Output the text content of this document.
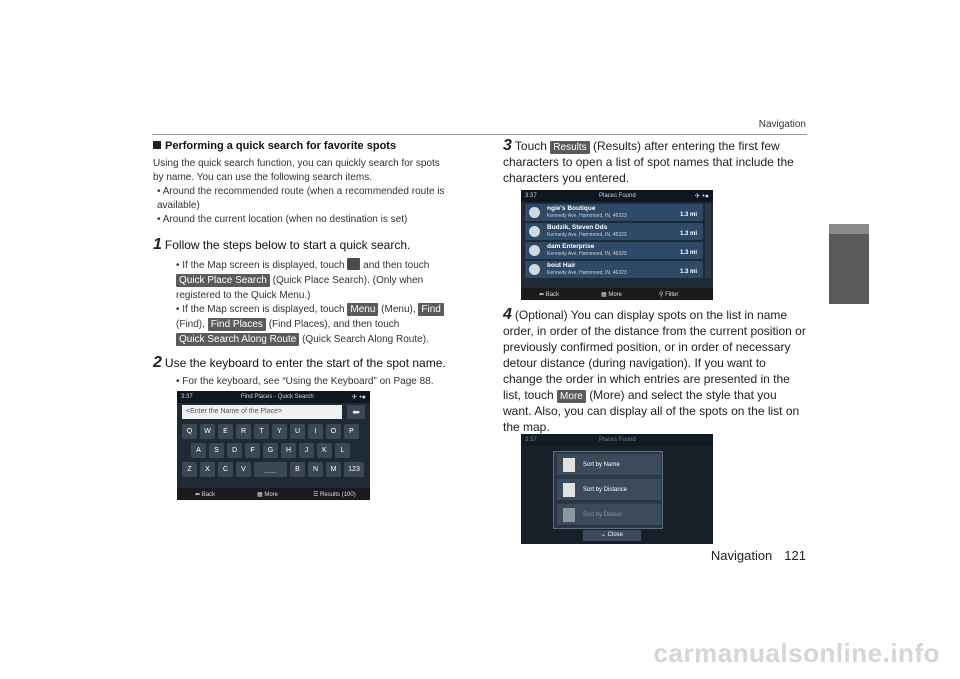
Navigation
Performing a quick search for favorite spots
Using the quick search function, you can quickly search for spots by name. You can use the following search items.
• Around the recommended route (when a recommended route is available)
• Around the current location (when no destination is set)
1 Follow the steps below to start a quick search.
• If the Map screen is displayed, touch and then touch
Quick Place Search (Quick Place Search). (Only when registered to the Quick Menu.)
• If the Map screen is displayed, touch Menu (Menu), Find (Find), Find Places (Find Places), and then touch
Quick Search Along Route (Quick Search Along Route).
2 Use the keyboard to enter the start of the spot name.
• For the keyboard, see “Using the Keyboard” on Page 88.
3:37	Find Places - Quick Search	✈ •●
<Enter the Name of the Place>	⬅
Q	W	E	R	T	Y	U	I	O	P
A	S	D	F	G	H	J	K	L
Z	X	C	V	___	B	N	M	123
⬅ Back	▦ More	☰ Results (100)
3 Touch Results (Results) after entering the first few characters to open a list of spot names that include the characters you entered.
3:37	Places Found	✈ •●
ngie's Boutique
Kennedy Ave, Hammond, IN, 46323	1.3 mi
Budzik, Steven Dds
Kennedy Ave, Hammond, IN, 46323	1.3 mi
dam Enterprise
Kennedy Ave, Hammond, IN, 46323	1.3 mi
bout Hair
Kennedy Ave, Hammond, IN, 46323	1.3 mi
⬅ Back	▦ More	⚲ Filter
4 (Optional) You can display spots on the list in name order, in order of the distance from the current position or previously confirmed position, or in order of necessary detour distance (during navigation). If you want to change the order in which entries are presented in the list, touch More (More) and select the style that you want. Also, you can display all of the spots on the list on the map.
3:37	Places Found
Sort by Name
Sort by Distance
Sort by Detour
⌄ Close
Navigation 121
carmanualsonline.info
